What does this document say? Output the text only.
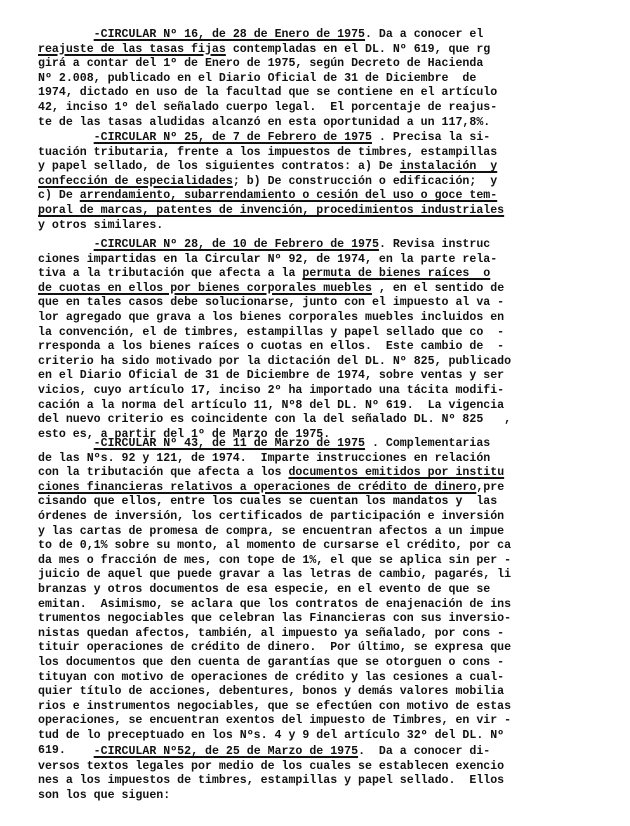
-CIRCULAR Nº 16, de 28 de Enero de 1975. Da a conocer el
reajuste de las tasas fijas contempladas en el DL. Nº 619, que rg
girá a contar del 1º de Enero de 1975, según Decreto de Hacienda
Nº 2.008, publicado en el Diario Oficial de 31 de Diciembre  de
1974, dictado en uso de la facultad que se contiene en el artículo
42, inciso 1º del señalado cuerpo legal.  El porcentaje de reajus-
te de las tasas aludidas alcanzó en esta oportunidad a un 117,8%.
-CIRCULAR Nº 25, de 7 de Febrero de 1975 . Precisa la si-
tuación tributaria, frente a los impuestos de timbres, estampillas
y papel sellado, de los siguientes contratos: a) De instalación  y
confección de especialidades; b) De construcción o edificación;  y
c) De arrendamiento, subarrendamiento o cesión del uso o goce tem-
poral de marcas, patentes de invención, procedimientos industriales
y otros similares.
-CIRCULAR Nº 28, de 10 de Febrero de 1975. Revisa instruc
ciones impartidas en la Circular Nº 92, de 1974, en la parte rela-
tiva a la tributación que afecta a la permuta de bienes raíces  o
de cuotas en ellos por bienes corporales muebles , en el sentido de
que en tales casos debe solucionarse, junto con el impuesto al va -
lor agregado que grava a los bienes corporales muebles incluidos en
la convención, el de timbres, estampillas y papel sellado que co  -
rresponda a los bienes raíces o cuotas en ellos.  Este cambio de  -
criterio ha sido motivado por la dictación del DL. Nº 825, publicado
en el Diario Oficial de 31 de Diciembre de 1974, sobre ventas y ser
vicios, cuyo artículo 17, inciso 2º ha importado una tácita modifi-
cación a la norma del artículo 11, Nº8 del DL. Nº 619.  La vigencia
del nuevo criterio es coincidente con la del señalado DL. Nº 825   ,
esto es, a partir del 1º de Marzo de 1975.
-CIRCULAR Nº 43, de 11 de Marzo de 1975 . Complementarias
de las Nºs. 92 y 121, de 1974.  Imparte instrucciones en relación
con la tributación que afecta a los documentos emitidos por institu
ciones financieras relativos a operaciones de crédito de dinero,pre
cisando que ellos, entre los cuales se cuentan los mandatos y  las
órdenes de inversión, los certificados de participación e inversión
y las cartas de promesa de compra, se encuentran afectos a un impue
to de 0,1% sobre su monto, al momento de cursarse el crédito, por ca
da mes o fracción de mes, con tope de 1%, el que se aplica sin per -
juicio de aquel que puede gravar a las letras de cambio, pagarés, li
branzas y otros documentos de esa especie, en el evento de que se
emitan.  Asimismo, se aclara que los contratos de enajenación de ins
trumentos negociables que celebran las Financieras con sus inversio-
nistas quedan afectos, también, al impuesto ya señalado, por cons -
tituir operaciones de crédito de dinero.  Por último, se expresa que
los documentos que den cuenta de garantías que se otorguen o cons -
tituyan con motivo de operaciones de crédito y las cesiones a cual-
quier título de acciones, debentures, bonos y demás valores mobilia
rios e instrumentos negociables, que se efectúen con motivo de estas
operaciones, se encuentran exentos del impuesto de Timbres, en vir -
tud de lo preceptuado en los Nºs. 4 y 9 del artículo 32º del DL. Nº
619.	-CIRCULAR Nº52, de 25 de Marzo de 1975.  Da a conocer di-
versos textos legales por medio de los cuales se establecen exencio
nes a los impuestos de timbres, estampillas y papel sellado.  Ellos
son los que siguen:
